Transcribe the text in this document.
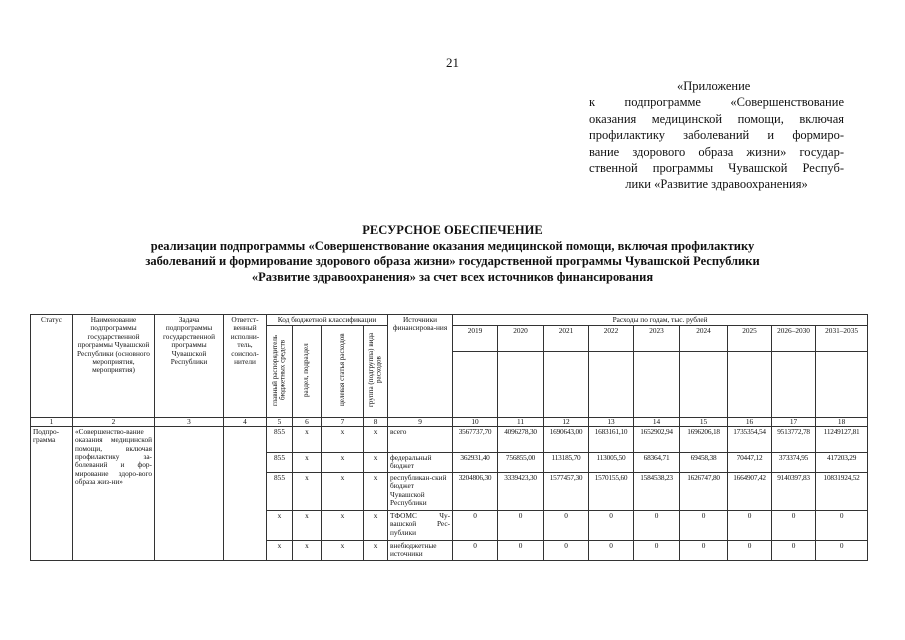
21
«Приложение
к подпрограмме «Совершенствование
оказания медицинской помощи, включая
профилактику заболеваний и формиро-
вание здорового образа жизни» государ-
ственной программы Чувашской Респуб-
лики «Развитие здравоохранения»
РЕСУРСНОЕ ОБЕСПЕЧЕНИЕ
реализации подпрограммы «Совершенствование оказания медицинской помощи, включая профилактику
заболеваний и формирование здорового образа жизни» государственной программы Чувашской Республики
«Развитие здравоохранения» за счет всех источников финансирования
Статус	Наименование подпрограммы государственной программы Чувашской Республики (основного мероприятия, мероприятия)	Задача подпрограммы государственной программы Чувашской Республики	Ответст-венный исполни-тель, соиспол-нители	Код бюджетной классификации				Источники финансирова-ния	Расходы по годам, тыс. рублей								
				главный распорядитель бюджетных средств	раздел, подраздел	целевая статья расходов	группа (подгруппа) вида расходов		2019	2020	2021	2022	2023	2024	2025	2026–2030	2031–2035

1	2	3	4	5	6	7	8	9	10	11	12	13	14	15	16	17	18
Подпро-грамма	«Совершенство-вание оказания медицинской помощи, включая профилактику за-болеваний и фор-мирование здоро-вого образа жиз-ни»			855	x	x	x	всего	3567737,70	4096278,30	1690643,00	1683161,10	1652902,94	1696206,18	1735354,54	9513772,78	11249127,81
				855	x	x	x	федеральный бюджет	362931,40	756855,00	113185,70	113005,50	68364,71	69458,38	70447,12	373374,95	417203,29
				855	x	x	x	республикан-ский бюджет Чувашской Республики	3204806,30	3339423,30	1577457,30	1570155,60	1584538,23	1626747,80	1664907,42	9140397,83	10831924,52
				x	x	x	x	ТФОМС Чу-вашской Рес-публики	0	0	0	0	0	0	0	0	0
				x	x	x	x	внебюджетные источники	0	0	0	0	0	0	0	0	0
